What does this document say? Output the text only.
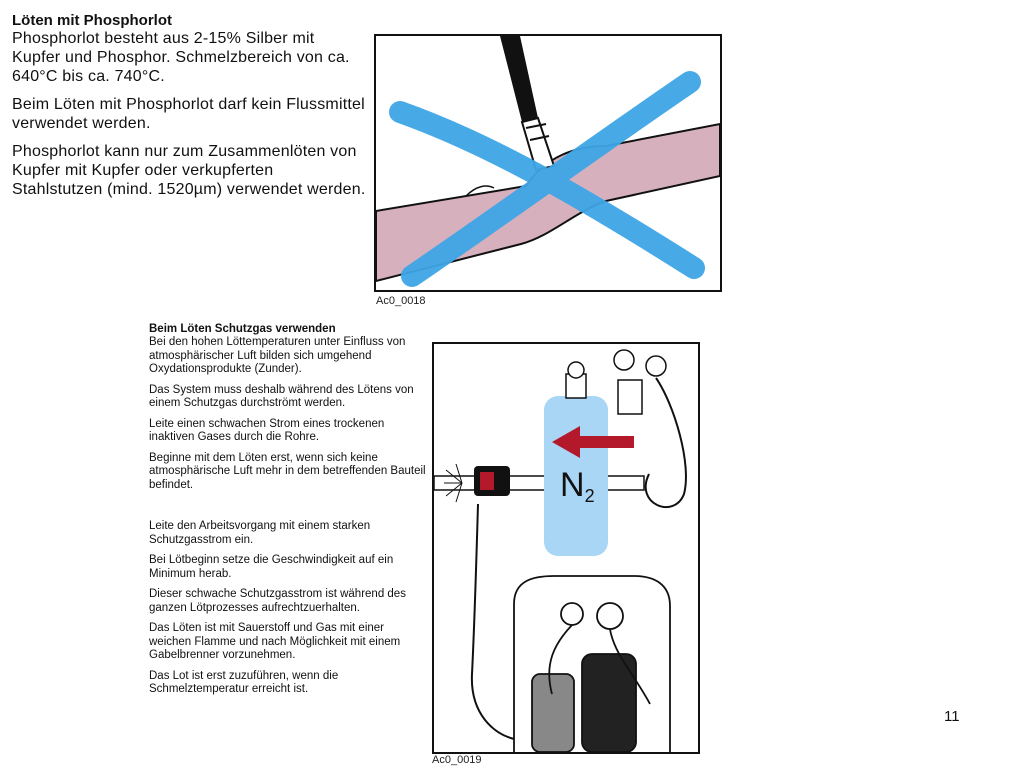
Löten mit Phosphorlot

Phosphorlot besteht aus 2-15% Silber mit Kupfer und Phosphor. Schmelzbereich von ca. 640°C bis ca. 740°C.

Beim Löten mit Phosphorlot darf kein Flussmittel verwendet werden.

Phosphorlot kann nur zum Zusammenlöten von Kupfer mit Kupfer oder verkupferten Stahlstutzen (mind. 1520µm) verwendet werden.

Ac0_0018

Beim Löten Schutzgas verwenden

Bei den hohen Löttemperaturen unter Einfluss von atmosphärischer Luft bilden sich umgehend Oxydationsprodukte (Zunder).

Das System muss deshalb während des Lötens von einem Schutzgas durchströmt werden.

Leite einen schwachen Strom eines trockenen inaktiven Gases durch die Rohre.

Beginne mit dem Löten erst, wenn sich keine atmosphärische Luft mehr in dem betreffenden Bauteil befindet.

Leite den Arbeitsvorgang mit einem starken Schutzgasstrom ein.

Bei Lötbeginn setze die Geschwindigkeit auf ein Minimum herab.

Dieser schwache Schutzgasstrom ist während des ganzen Lötprozesses aufrechtzuerhalten.

Das Löten ist mit Sauerstoff und Gas mit einer weichen Flamme und nach Möglichkeit mit einem Gabelbrenner vorzunehmen.

Das Lot ist erst zuzuführen, wenn die Schmelztemperatur erreicht ist.

N2
Ac0_0019
11
